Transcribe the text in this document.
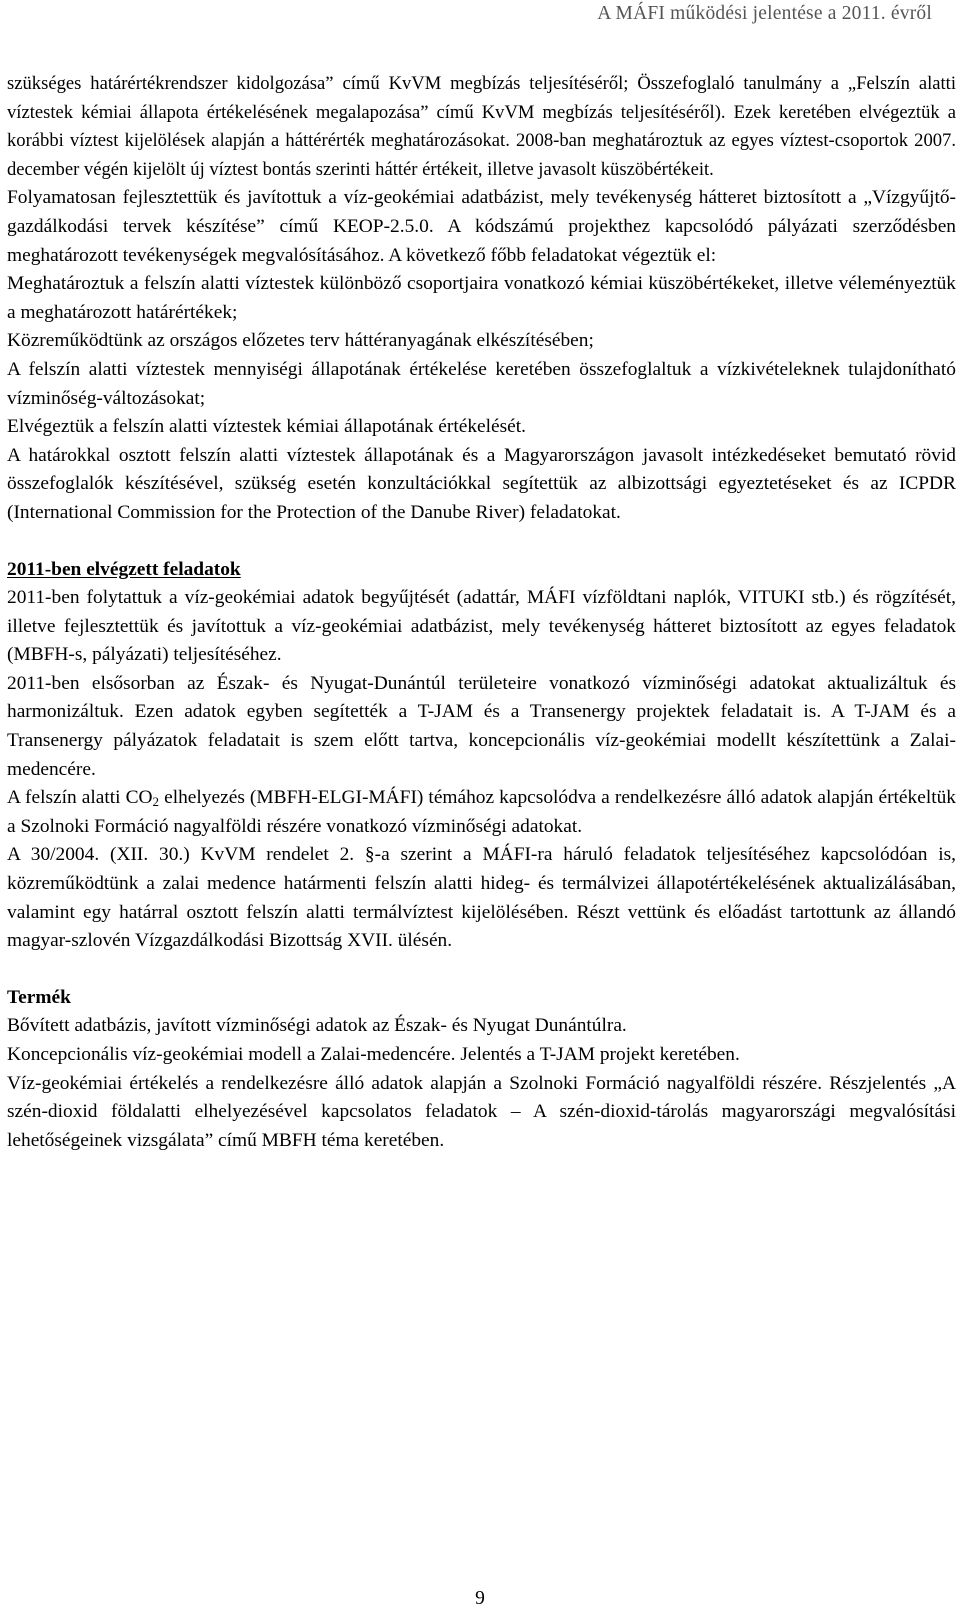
A MÁFI működési jelentése a 2011. évről

szükséges határértékrendszer kidolgozása” című KvVM megbízás teljesítéséről; Összefoglaló tanulmány a „Felszín alatti víztestek kémiai állapota értékelésének megalapozása” című KvVM megbízás teljesítéséről). Ezek keretében elvégeztük a korábbi víztest kijelölések alapján a háttérérték meghatározásokat. 2008-ban meghatároztuk az egyes víztest-csoportok 2007. december végén kijelölt új víztest bontás szerinti háttér értékeit, illetve javasolt küszöbértékeit.

Folyamatosan fejlesztettük és javítottuk a víz-geokémiai adatbázist, mely tevékenység hátteret biztosított a „Vízgyűjtő-gazdálkodási tervek készítése” című KEOP-2.5.0. A kódszámú projekthez kapcsolódó pályázati szerződésben meghatározott tevékenységek megvalósításához. A következő főbb feladatokat végeztük el:

Meghatároztuk a felszín alatti víztestek különböző csoportjaira vonatkozó kémiai küszöbértékeket, illetve véleményeztük a meghatározott határértékek;

Közreműködtünk az országos előzetes terv háttéranyagának elkészítésében;

A felszín alatti víztestek mennyiségi állapotának értékelése keretében összefoglaltuk a vízkivételeknek tulajdonítható vízminőség-változásokat;

Elvégeztük a felszín alatti víztestek kémiai állapotának értékelését.

A határokkal osztott felszín alatti víztestek állapotának és a Magyarországon javasolt intézkedéseket bemutató rövid összefoglalók készítésével, szükség esetén konzultációkkal segítettük az albizottsági egyeztetéseket és az ICPDR (International Commission for the Protection of the Danube River) feladatokat.

2011-ben elvégzett feladatok

2011-ben folytattuk a víz-geokémiai adatok begyűjtését (adattár, MÁFI vízföldtani naplók, VITUKI stb.) és rögzítését, illetve fejlesztettük és javítottuk a víz-geokémiai adatbázist, mely tevékenység hátteret biztosított az egyes feladatok (MBFH-s, pályázati) teljesítéséhez.

2011-ben elsősorban az Észak- és Nyugat-Dunántúl területeire vonatkozó vízminőségi adatokat aktualizáltuk és harmonizáltuk. Ezen adatok egyben segítették a T-JAM és a Transenergy projektek feladatait is. A T-JAM és a Transenergy pályázatok feladatait is szem előtt tartva, koncepcionális víz-geokémiai modellt készítettünk a Zalai-medencére.

A felszín alatti $CO_2$ elhelyezés (MBFH-ELGI-MÁFI) témához kapcsolódva a rendelkezésre álló adatok alapján értékeltük a Szolnoki Formáció nagyalföldi részére vonatkozó vízminőségi adatokat.

A 30/2004. (XII. 30.) KvVM rendelet 2. §-a szerint a MÁFI-ra háruló feladatok teljesítéséhez kapcsolódóan is, közreműködtünk a zalai medence határmenti felszín alatti hideg- és termálvizei állapotértékelésének aktualizálásában, valamint egy határral osztott felszín alatti termálvíztest kijelölésében. Részt vettünk és előadást tartottunk az állandó magyar-szlovén Vízgazdálkodási Bizottság XVII. ülésén.

Termék

Bővített adatbázis, javított vízminőségi adatok az Észak- és Nyugat Dunántúlra.

Koncepcionális víz-geokémiai modell a Zalai-medencére. Jelentés a T-JAM projekt keretében.

Víz-geokémiai értékelés a rendelkezésre álló adatok alapján a Szolnoki Formáció nagyalföldi részére. Részjelentés „A szén-dioxid földalatti elhelyezésével kapcsolatos feladatok – A szén-dioxid-tárolás magyarországi megvalósítási lehetőségeinek vizsgálata” című MBFH téma keretében.

9
